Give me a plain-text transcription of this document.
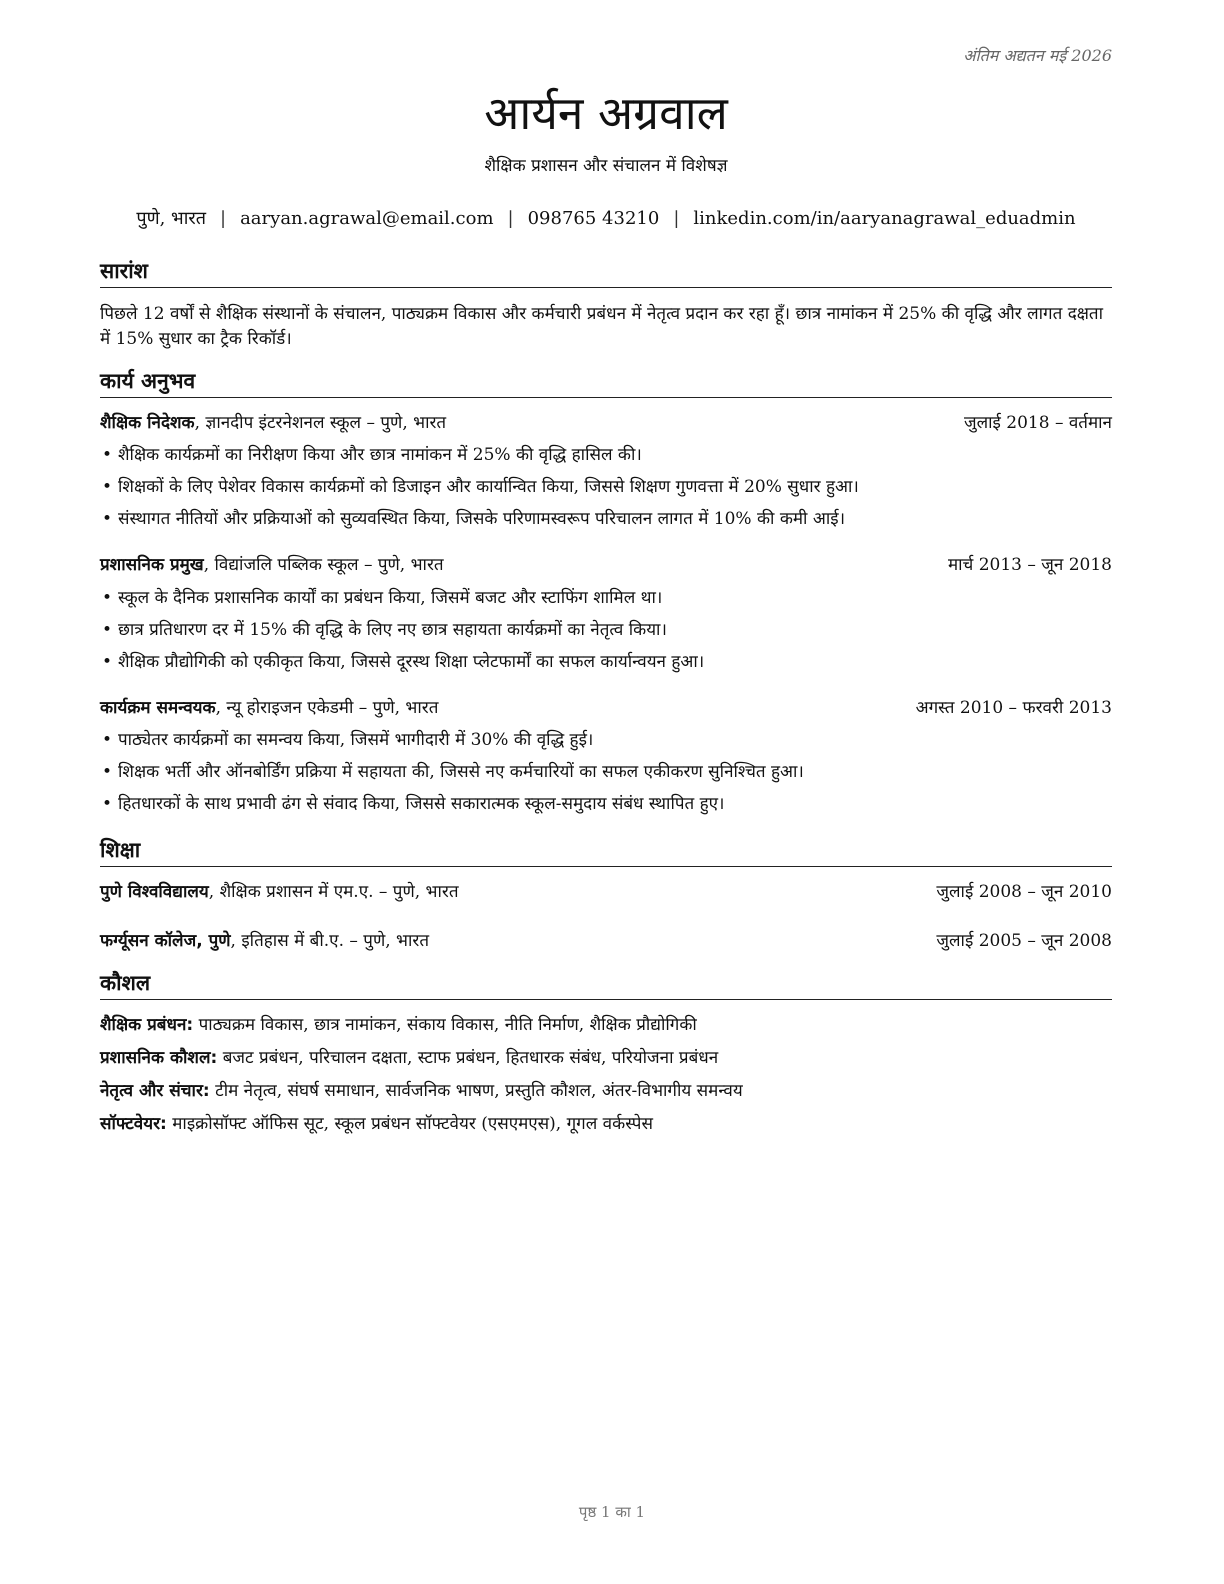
अंतिम अद्यतन मई 2026
आर्यन अग्रवाल
शैक्षिक प्रशासन और संचालन में विशेषज्ञ
पुणे, भारत | aaryan.agrawal@email.com | 098765 43210 | linkedin.com/in/aaryanagrawal_eduadmin
सारांश
पिछले 12 वर्षों से शैक्षिक संस्थानों के संचालन, पाठ्यक्रम विकास और कर्मचारी प्रबंधन में नेतृत्व प्रदान कर रहा हूँ। छात्र नामांकन में 25% की वृद्धि और लागत दक्षता में 15% सुधार का ट्रैक रिकॉर्ड।
कार्य अनुभव
शैक्षिक निदेशक, ज्ञानदीप इंटरनेशनल स्कूल – पुणे, भारत	जुलाई 2018 – वर्तमान
• शैक्षिक कार्यक्रमों का निरीक्षण किया और छात्र नामांकन में 25% की वृद्धि हासिल की।
• शिक्षकों के लिए पेशेवर विकास कार्यक्रमों को डिजाइन और कार्यान्वित किया, जिससे शिक्षण गुणवत्ता में 20% सुधार हुआ।
• संस्थागत नीतियों और प्रक्रियाओं को सुव्यवस्थित किया, जिसके परिणामस्वरूप परिचालन लागत में 10% की कमी आई।
प्रशासनिक प्रमुख, विद्यांजलि पब्लिक स्कूल – पुणे, भारत	मार्च 2013 – जून 2018
• स्कूल के दैनिक प्रशासनिक कार्यों का प्रबंधन किया, जिसमें बजट और स्टाफिंग शामिल था।
• छात्र प्रतिधारण दर में 15% की वृद्धि के लिए नए छात्र सहायता कार्यक्रमों का नेतृत्व किया।
• शैक्षिक प्रौद्योगिकी को एकीकृत किया, जिससे दूरस्थ शिक्षा प्लेटफार्मों का सफल कार्यान्वयन हुआ।
कार्यक्रम समन्वयक, न्यू होराइजन एकेडमी – पुणे, भारत	अगस्त 2010 – फरवरी 2013
• पाठ्येतर कार्यक्रमों का समन्वय किया, जिसमें भागीदारी में 30% की वृद्धि हुई।
• शिक्षक भर्ती और ऑनबोर्डिंग प्रक्रिया में सहायता की, जिससे नए कर्मचारियों का सफल एकीकरण सुनिश्चित हुआ।
• हितधारकों के साथ प्रभावी ढंग से संवाद किया, जिससे सकारात्मक स्कूल-समुदाय संबंध स्थापित हुए।
शिक्षा
पुणे विश्वविद्यालय, शैक्षिक प्रशासन में एम.ए. – पुणे, भारत	जुलाई 2008 – जून 2010
फर्ग्यूसन कॉलेज, पुणे, इतिहास में बी.ए. – पुणे, भारत	जुलाई 2005 – जून 2008
कौशल
शैक्षिक प्रबंधन: पाठ्यक्रम विकास, छात्र नामांकन, संकाय विकास, नीति निर्माण, शैक्षिक प्रौद्योगिकी
प्रशासनिक कौशल: बजट प्रबंधन, परिचालन दक्षता, स्टाफ प्रबंधन, हितधारक संबंध, परियोजना प्रबंधन
नेतृत्व और संचार: टीम नेतृत्व, संघर्ष समाधान, सार्वजनिक भाषण, प्रस्तुति कौशल, अंतर-विभागीय समन्वय
सॉफ्टवेयर: माइक्रोसॉफ्ट ऑफिस सूट, स्कूल प्रबंधन सॉफ्टवेयर (एसएमएस), गूगल वर्कस्पेस
पृष्ठ 1 का 1
